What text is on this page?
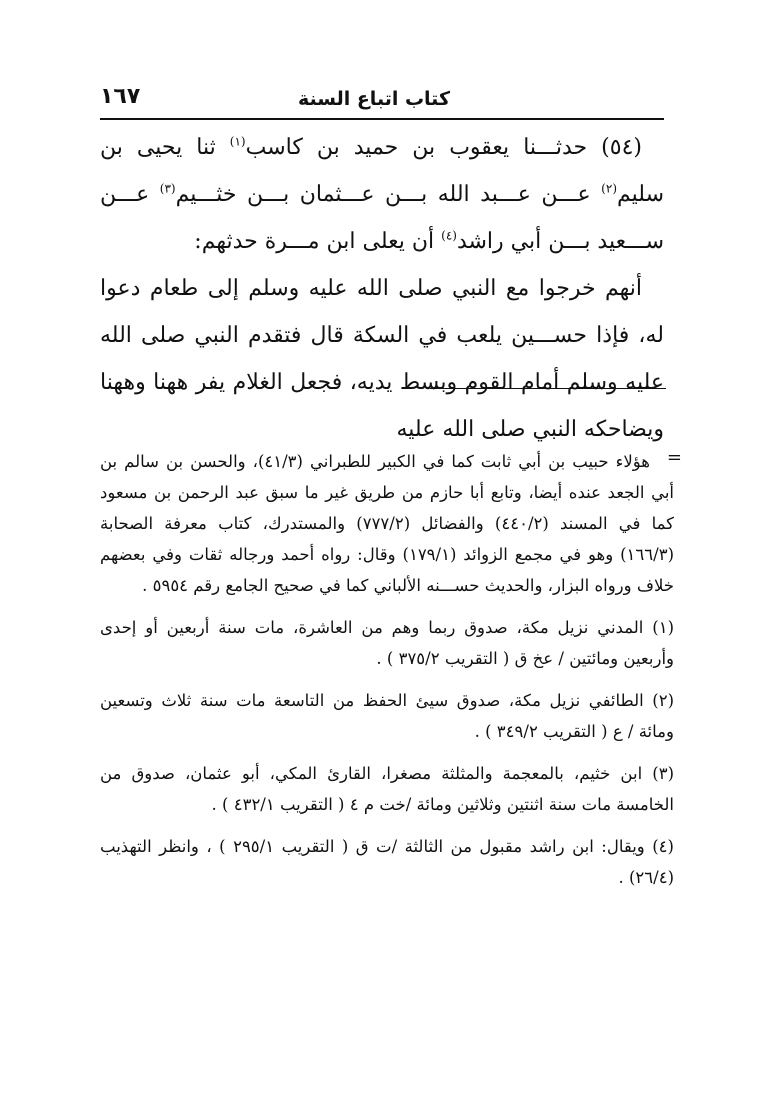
كتاب اتباع السنة
١٦٧

(٥٤) حدثـــنا يعقوب بن حميد بن كاسب$^{(١)}$ ثنا يحيى بن سليم$^{(٢)}$ عـــن عـــبد الله بـــن عـــثمان بـــن خثـــيم$^{(٣)}$ عـــن ســـعيد بـــن أبي راشد$^{(٤)}$ أن يعلى ابن مـــرة حدثهم:

أنهم خرجوا مع النبي صلى الله عليه وسلم إلى طعام دعوا له، فإذا حســـين يلعب في السكة قال فتقدم النبي صلى الله عليه وسلم أمام القوم وبسط يديه، فجعل الغلام يفر ههنا وههنا ويضاحكه النبي صلى الله عليه

=

هؤلاء حبيب بن أبي ثابت كما في الكبير للطبراني (٤١/٣)، والحسن بن سالم بن أبي الجعد عنده أيضا، وتابع أبا حازم من طريق غير ما سبق عبد الرحمن بن مسعود كما في المسند (٤٤٠/٢) والفضائل (٧٧٧/٢) والمستدرك، كتاب معرفة الصحابة (١٦٦/٣) وهو في مجمع الزوائد (١٧٩/١) وقال: رواه أحمد ورجاله ثقات وفي بعضهم خلاف ورواه البزار، والحديث حســـنه الألباني كما في صحيح الجامع رقم ٥٩٥٤ .

(١) المدني نزيل مكة، صدوق ربما وهم من العاشرة، مات سنة أربعين أو إحدى وأربعين ومائتين / عخ ق ( التقريب ٣٧٥/٢ ) .

(٢) الطائفي نزيل مكة، صدوق سيئ الحفظ من التاسعة مات سنة ثلاث وتسعين ومائة / ع ( التقريب ٣٤٩/٢ ) .

(٣) ابن خثيم، بالمعجمة والمثلثة مصغرا، القارئ المكي، أبو عثمان، صدوق من الخامسة مات سنة اثنتين وثلاثين ومائة /خت م ٤ ( التقريب ٤٣٢/١ ) .

(٤) ويقال: ابن راشد مقبول من الثالثة /ت ق ( التقريب ٢٩٥/١ ) ، وانظر التهذيب (٢٦/٤) .
